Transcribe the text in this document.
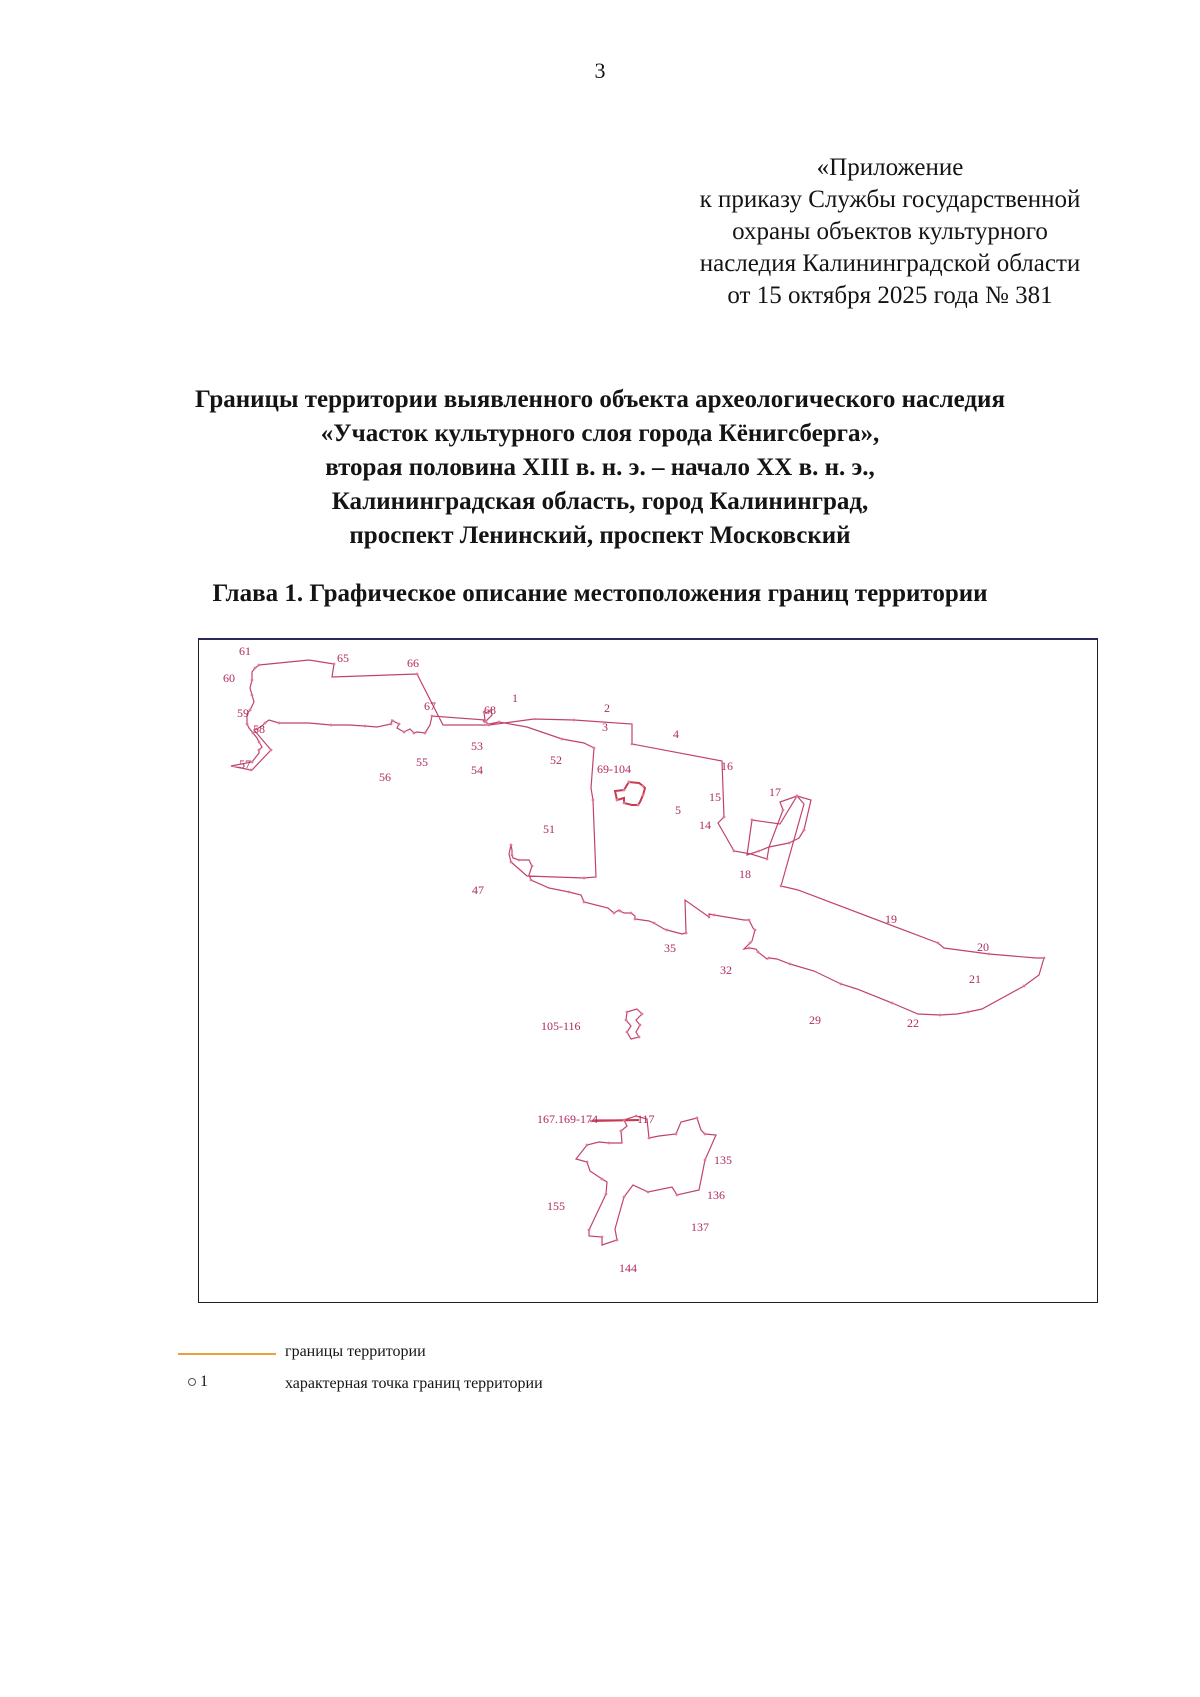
3
«Приложение
к приказу Службы государственной
охраны объектов культурного
наследия Калининградской области
от 15 октября 2025 года № 381
Границы территории выявленного объекта археологического наследия
«Участок культурного слоя города Кёнигсберга»,
вторая половина XIII в. н. э. – начало XX в. н. э.,
Калининградская область, город Калининград,
проспект Ленинский, проспект Московский
Глава 1. Графическое описание местоположения границ территории
61
60
65	66
59
58
57
67	68
1
2
3	4
55
56
53
54
52
69-104	16
17
15
5
14
51
47
18
19
20
21
35
32
29	22
105-116
167.169-174	117
135
136
155
137
144
границы территории
1	характерная точка границ территории
